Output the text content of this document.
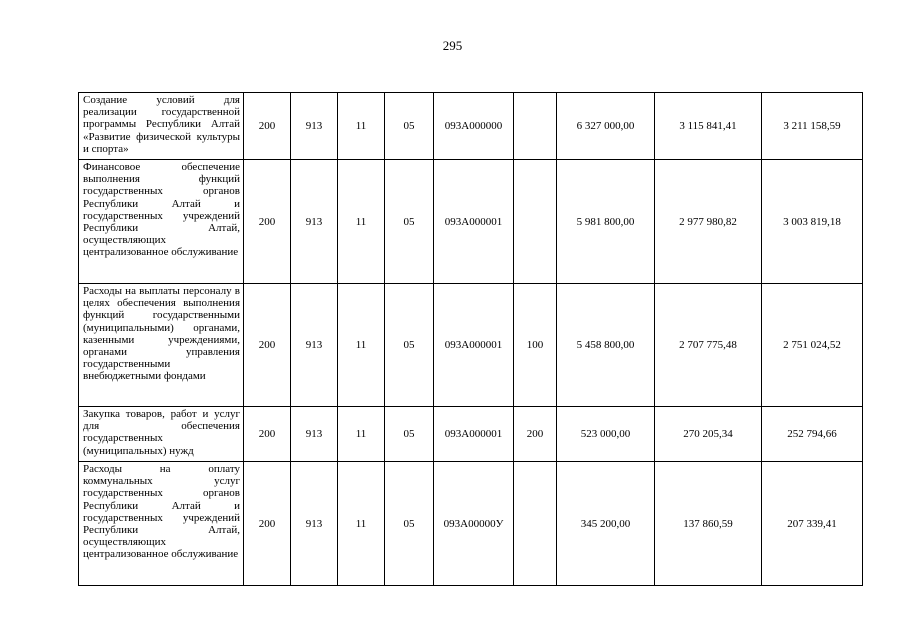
295
Создание условий для реализации государственной программы Республики Алтай «Развитие физической культуры и спорта»	200	913	11	05	093A000000		6 327 000,00	3 115 841,41	3 211 158,59
Финансовое обеспечение выполнения функций государственных органов Республики Алтай и государственных учреждений Республики Алтай, осуществляющих централизованное обслуживание	200	913	11	05	093A000001		5 981 800,00	2 977 980,82	3 003 819,18
Расходы на выплаты персоналу в целях обеспечения выполнения функций государственными (муниципальными) органами, казенными учреждениями, органами управления государственными внебюджетными фондами	200	913	11	05	093A000001	100	5 458 800,00	2 707 775,48	2 751 024,52
Закупка товаров, работ и услуг для обеспечения государственных (муниципальных) нужд	200	913	11	05	093A000001	200	523 000,00	270 205,34	252 794,66
Расходы на оплату коммунальных услуг государственных органов Республики Алтай и государственных учреждений Республики Алтай, осуществляющих централизованное обслуживание	200	913	11	05	093A00000У		345 200,00	137 860,59	207 339,41
